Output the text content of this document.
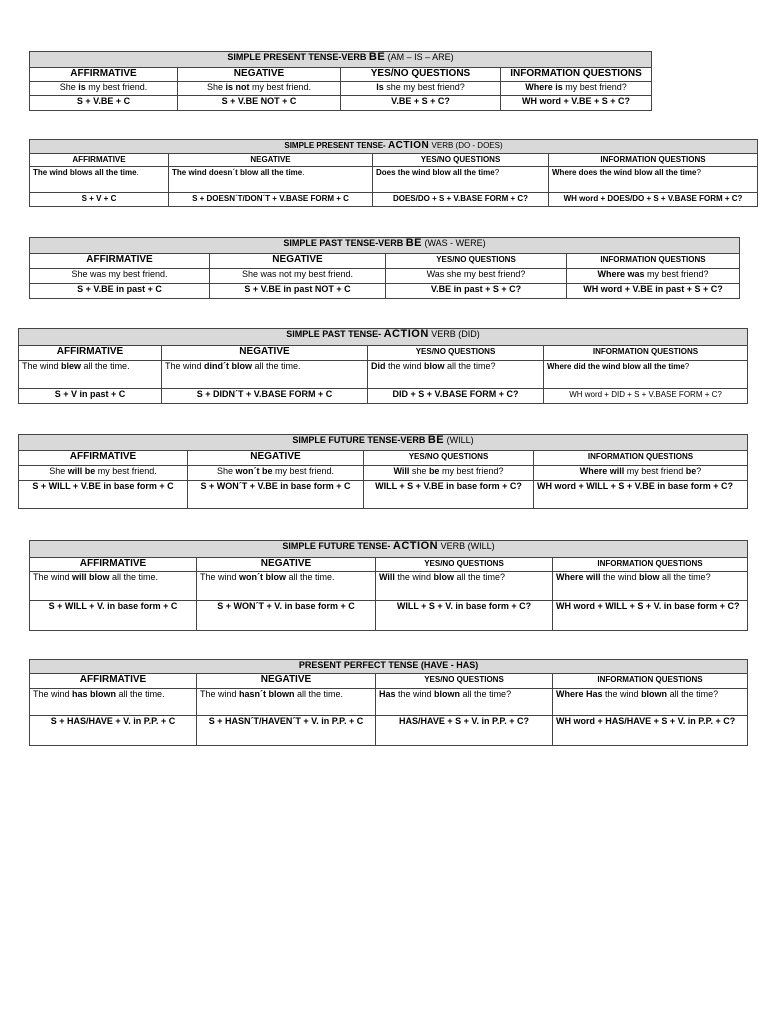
SIMPLE PRESENT TENSE-VERB BE (AM – IS – ARE)			
AFFIRMATIVE	NEGATIVE	YES/NO QUESTIONS	INFORMATION QUESTIONS
She is my best friend.	She is not my best friend.	Is she my best friend?	Where is my best friend?
S + V.BE + C	S + V.BE NOT + C	V.BE + S + C?	WH word + V.BE + S + C?
SIMPLE PRESENT TENSE- ACTION VERB (DO - DOES)			
AFFIRMATIVE	NEGATIVE	YES/NO QUESTIONS	INFORMATION QUESTIONS
The wind blows all the time.	The wind doesn´t blow all the time.	Does the wind blow all the time?	Where does the wind blow all the time?
S + V + C	S + DOESN´T/DON´T + V.BASE FORM + C	DOES/DO + S + V.BASE FORM + C?	WH word + DOES/DO + S + V.BASE FORM + C?
SIMPLE PAST TENSE-VERB BE (WAS - WERE)			
AFFIRMATIVE	NEGATIVE	YES/NO QUESTIONS	INFORMATION QUESTIONS
She was my best friend.	She was not my best friend.	Was she my best friend?	Where was my best friend?
S + V.BE in past + C	S + V.BE in past NOT + C	V.BE in past + S + C?	WH word + V.BE in past + S + C?
SIMPLE PAST TENSE- ACTION VERB (DID)			
AFFIRMATIVE	NEGATIVE	YES/NO QUESTIONS	INFORMATION QUESTIONS
The wind blew all the time.	The wind dind´t blow all the time.	Did the wind blow all the time?	Where did the wind blow all the time?
S + V in past + C	S + DIDN´T + V.BASE FORM + C	DID + S + V.BASE FORM + C?	WH word + DID + S + V.BASE FORM + C?
SIMPLE FUTURE TENSE-VERB BE (WILL)			
AFFIRMATIVE	NEGATIVE	YES/NO QUESTIONS	INFORMATION QUESTIONS
She will be my best friend.	She won´t be my best friend.	Will she be my best friend?	Where will my best friend be?
S + WILL + V.BE in base form + C	S + WON´T + V.BE in base form + C	WILL + S + V.BE in base form + C?	WH word + WILL + S + V.BE in base form + C?
SIMPLE FUTURE TENSE- ACTION VERB (WILL)			
AFFIRMATIVE	NEGATIVE	YES/NO QUESTIONS	INFORMATION QUESTIONS
The wind will blow all the time.	The wind won´t blow all the time.	Will the wind blow all the time?	Where will the wind blow all the time?
S + WILL + V. in base form + C	S + WON´T + V. in base form + C	WILL + S + V. in base form + C?	WH word + WILL + S + V. in base form + C?
PRESENT PERFECT TENSE (HAVE - HAS)			
AFFIRMATIVE	NEGATIVE	YES/NO QUESTIONS	INFORMATION QUESTIONS
The wind has blown all the time.	The wind hasn´t blown all the time.	Has the wind blown all the time?	Where Has the wind blown all the time?
S + HAS/HAVE + V. in P.P. + C	S + HASN´T/HAVEN´T + V. in P.P. + C	HAS/HAVE + S + V. in P.P. + C?	WH word + HAS/HAVE + S + V. in P.P. + C?
